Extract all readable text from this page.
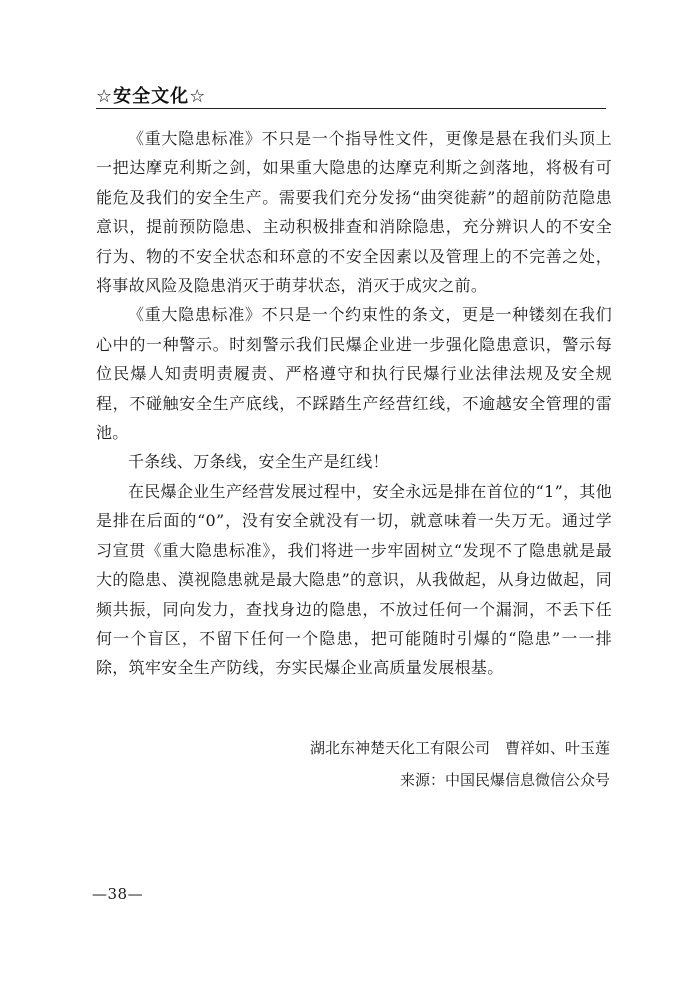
☆安全文化☆

《重大隐患标准》不只是一个指导性文件，更像是悬在我们头顶上一把达摩克利斯之剑，如果重大隐患的达摩克利斯之剑落地，将极有可能危及我们的安全生产。需要我们充分发扬“曲突徙薪”的超前防范隐患意识，提前预防隐患、主动积极排查和消除隐患，充分辨识人的不安全行为、物的不安全状态和环意的不安全因素以及管理上的不完善之处，将事故风险及隐患消灭于萌芽状态，消灭于成灾之前。

《重大隐患标准》不只是一个约束性的条文，更是一种镂刻在我们心中的一种警示。时刻警示我们民爆企业进一步强化隐患意识，警示每位民爆人知责明责履责、严格遵守和执行民爆行业法律法规及安全规程，不碰触安全生产底线，不踩踏生产经营红线，不逾越安全管理的雷池。

千条线、万条线，安全生产是红线！

在民爆企业生产经营发展过程中，安全永远是排在首位的“1”，其他是排在后面的“0”，没有安全就没有一切，就意味着一失万无。通过学习宣贯《重大隐患标准》，我们将进一步牢固树立“发现不了隐患就是最大的隐患、漠视隐患就是最大隐患”的意识，从我做起，从身边做起，同频共振，同向发力，查找身边的隐患，不放过任何一个漏洞，不丢下任何一个盲区，不留下任何一个隐患，把可能随时引爆的“隐患”一一排除，筑牢安全生产防线，夯实民爆企业高质量发展根基。

湖北东神楚天化工有限公司　曹祥如、叶玉莲
来源：中国民爆信息微信公众号
—38—
